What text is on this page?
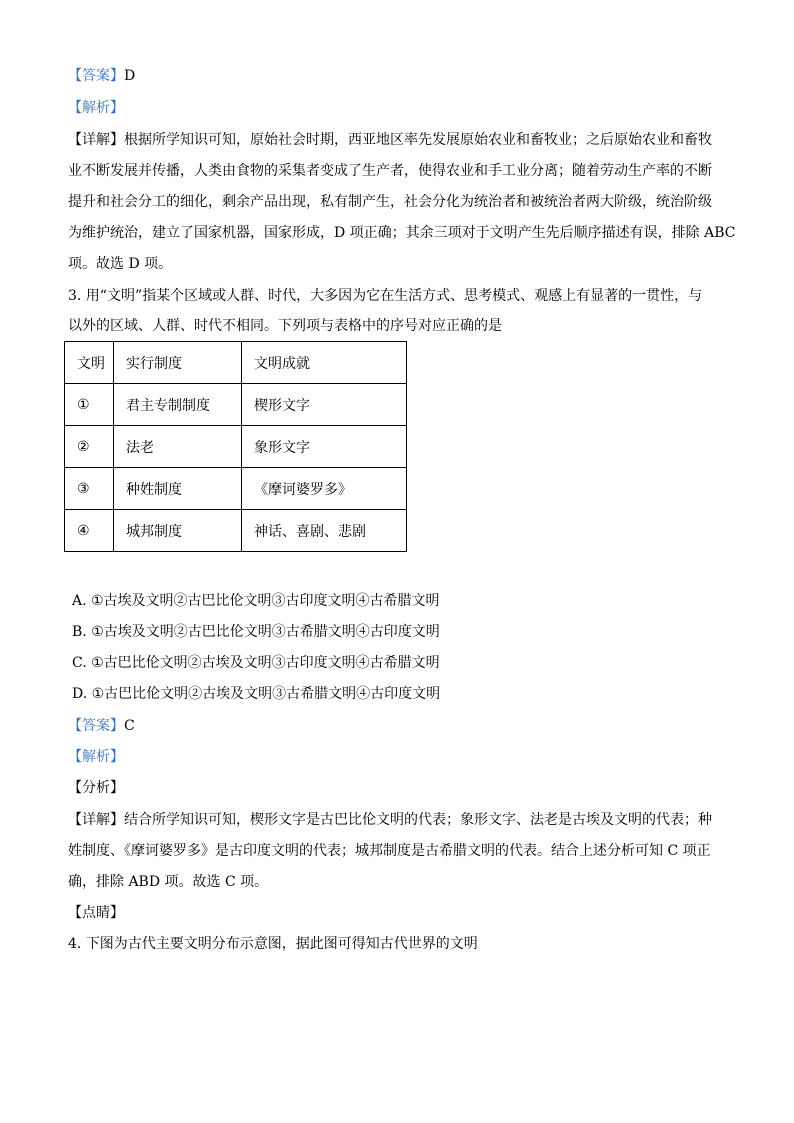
【答案】D
【解析】
【详解】根据所学知识可知，原始社会时期，西亚地区率先发展原始农业和畜牧业；之后原始农业和畜牧
业不断发展并传播，人类由食物的采集者变成了生产者，使得农业和手工业分离；随着劳动生产率的不断
提升和社会分工的细化，剩余产品出现，私有制产生，社会分化为统治者和被统治者两大阶级，统治阶级
为维护统治，建立了国家机器，国家形成，D 项正确；其余三项对于文明产生先后顺序描述有误，排除 ABC
项。故选 D 项。
3. 用“文明”指某个区域或人群、时代，大多因为它在生活方式、思考模式、观感上有显著的一贯性，与
以外的区域、人群、时代不相同。下列项与表格中的序号对应正确的是
文明	实行制度	文明成就
①	君主专制制度	楔形文字
②	法老	象形文字
③	种姓制度	《摩诃婆罗多》
④	城邦制度	神话、喜剧、悲剧
A. ①古埃及文明②古巴比伦文明③古印度文明④古希腊文明
B. ①古埃及文明②古巴比伦文明③古希腊文明④古印度文明
C. ①古巴比伦文明②古埃及文明③古印度文明④古希腊文明
D. ①古巴比伦文明②古埃及文明③古希腊文明④古印度文明
【答案】C
【解析】
【分析】
【详解】结合所学知识可知，楔形文字是古巴比伦文明的代表；象形文字、法老是古埃及文明的代表；种
姓制度、《摩诃婆罗多》是古印度文明的代表；城邦制度是古希腊文明的代表。结合上述分析可知 C 项正
确，排除 ABD 项。故选 C 项。
【点睛】
4. 下图为古代主要文明分布示意图，据此图可得知古代世界的文明
